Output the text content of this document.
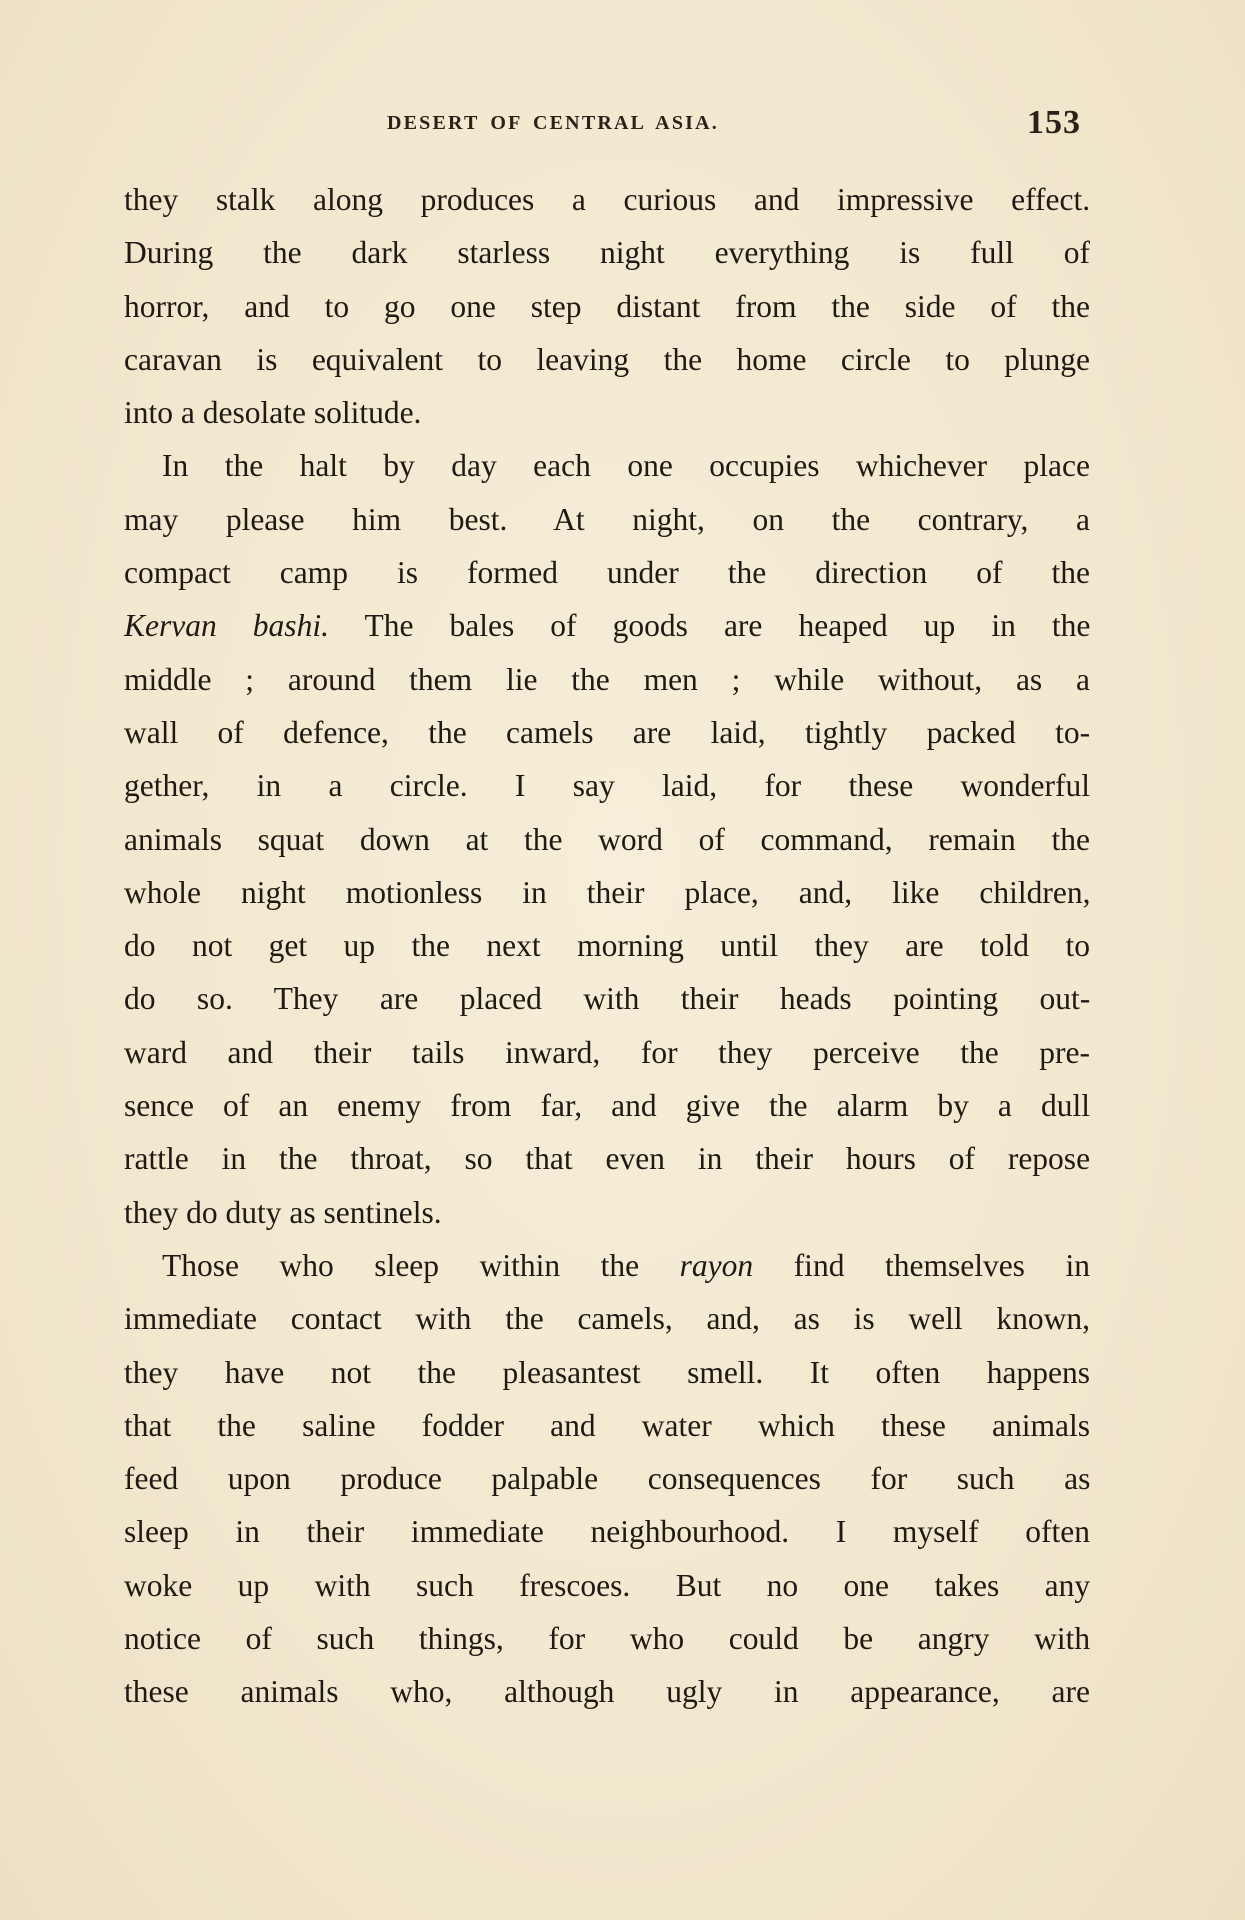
DESERT OF CENTRAL ASIA.	153
they stalk along produces a curious and impressive effect.
During the dark starless night everything is full of
horror, and to go one step distant from the side of the
caravan is equivalent to leaving the home circle to plunge
into a desolate solitude.
In the halt by day each one occupies whichever place
may please him best. At night, on the contrary, a
compact camp is formed under the direction of the
Kervan bashi. The bales of goods are heaped up in the
middle ; around them lie the men ; while without, as a
wall of defence, the camels are laid, tightly packed to-
gether, in a circle. I say laid, for these wonderful
animals squat down at the word of command, remain the
whole night motionless in their place, and, like children,
do not get up the next morning until they are told to
do so. They are placed with their heads pointing out-
ward and their tails inward, for they perceive the pre-
sence of an enemy from far, and give the alarm by a dull
rattle in the throat, so that even in their hours of repose
they do duty as sentinels.
Those who sleep within the rayon find themselves in
immediate contact with the camels, and, as is well known,
they have not the pleasantest smell. It often happens
that the saline fodder and water which these animals
feed upon produce palpable consequences for such as
sleep in their immediate neighbourhood. I myself often
woke up with such frescoes. But no one takes any
notice of such things, for who could be angry with
these animals who, although ugly in appearance, are
